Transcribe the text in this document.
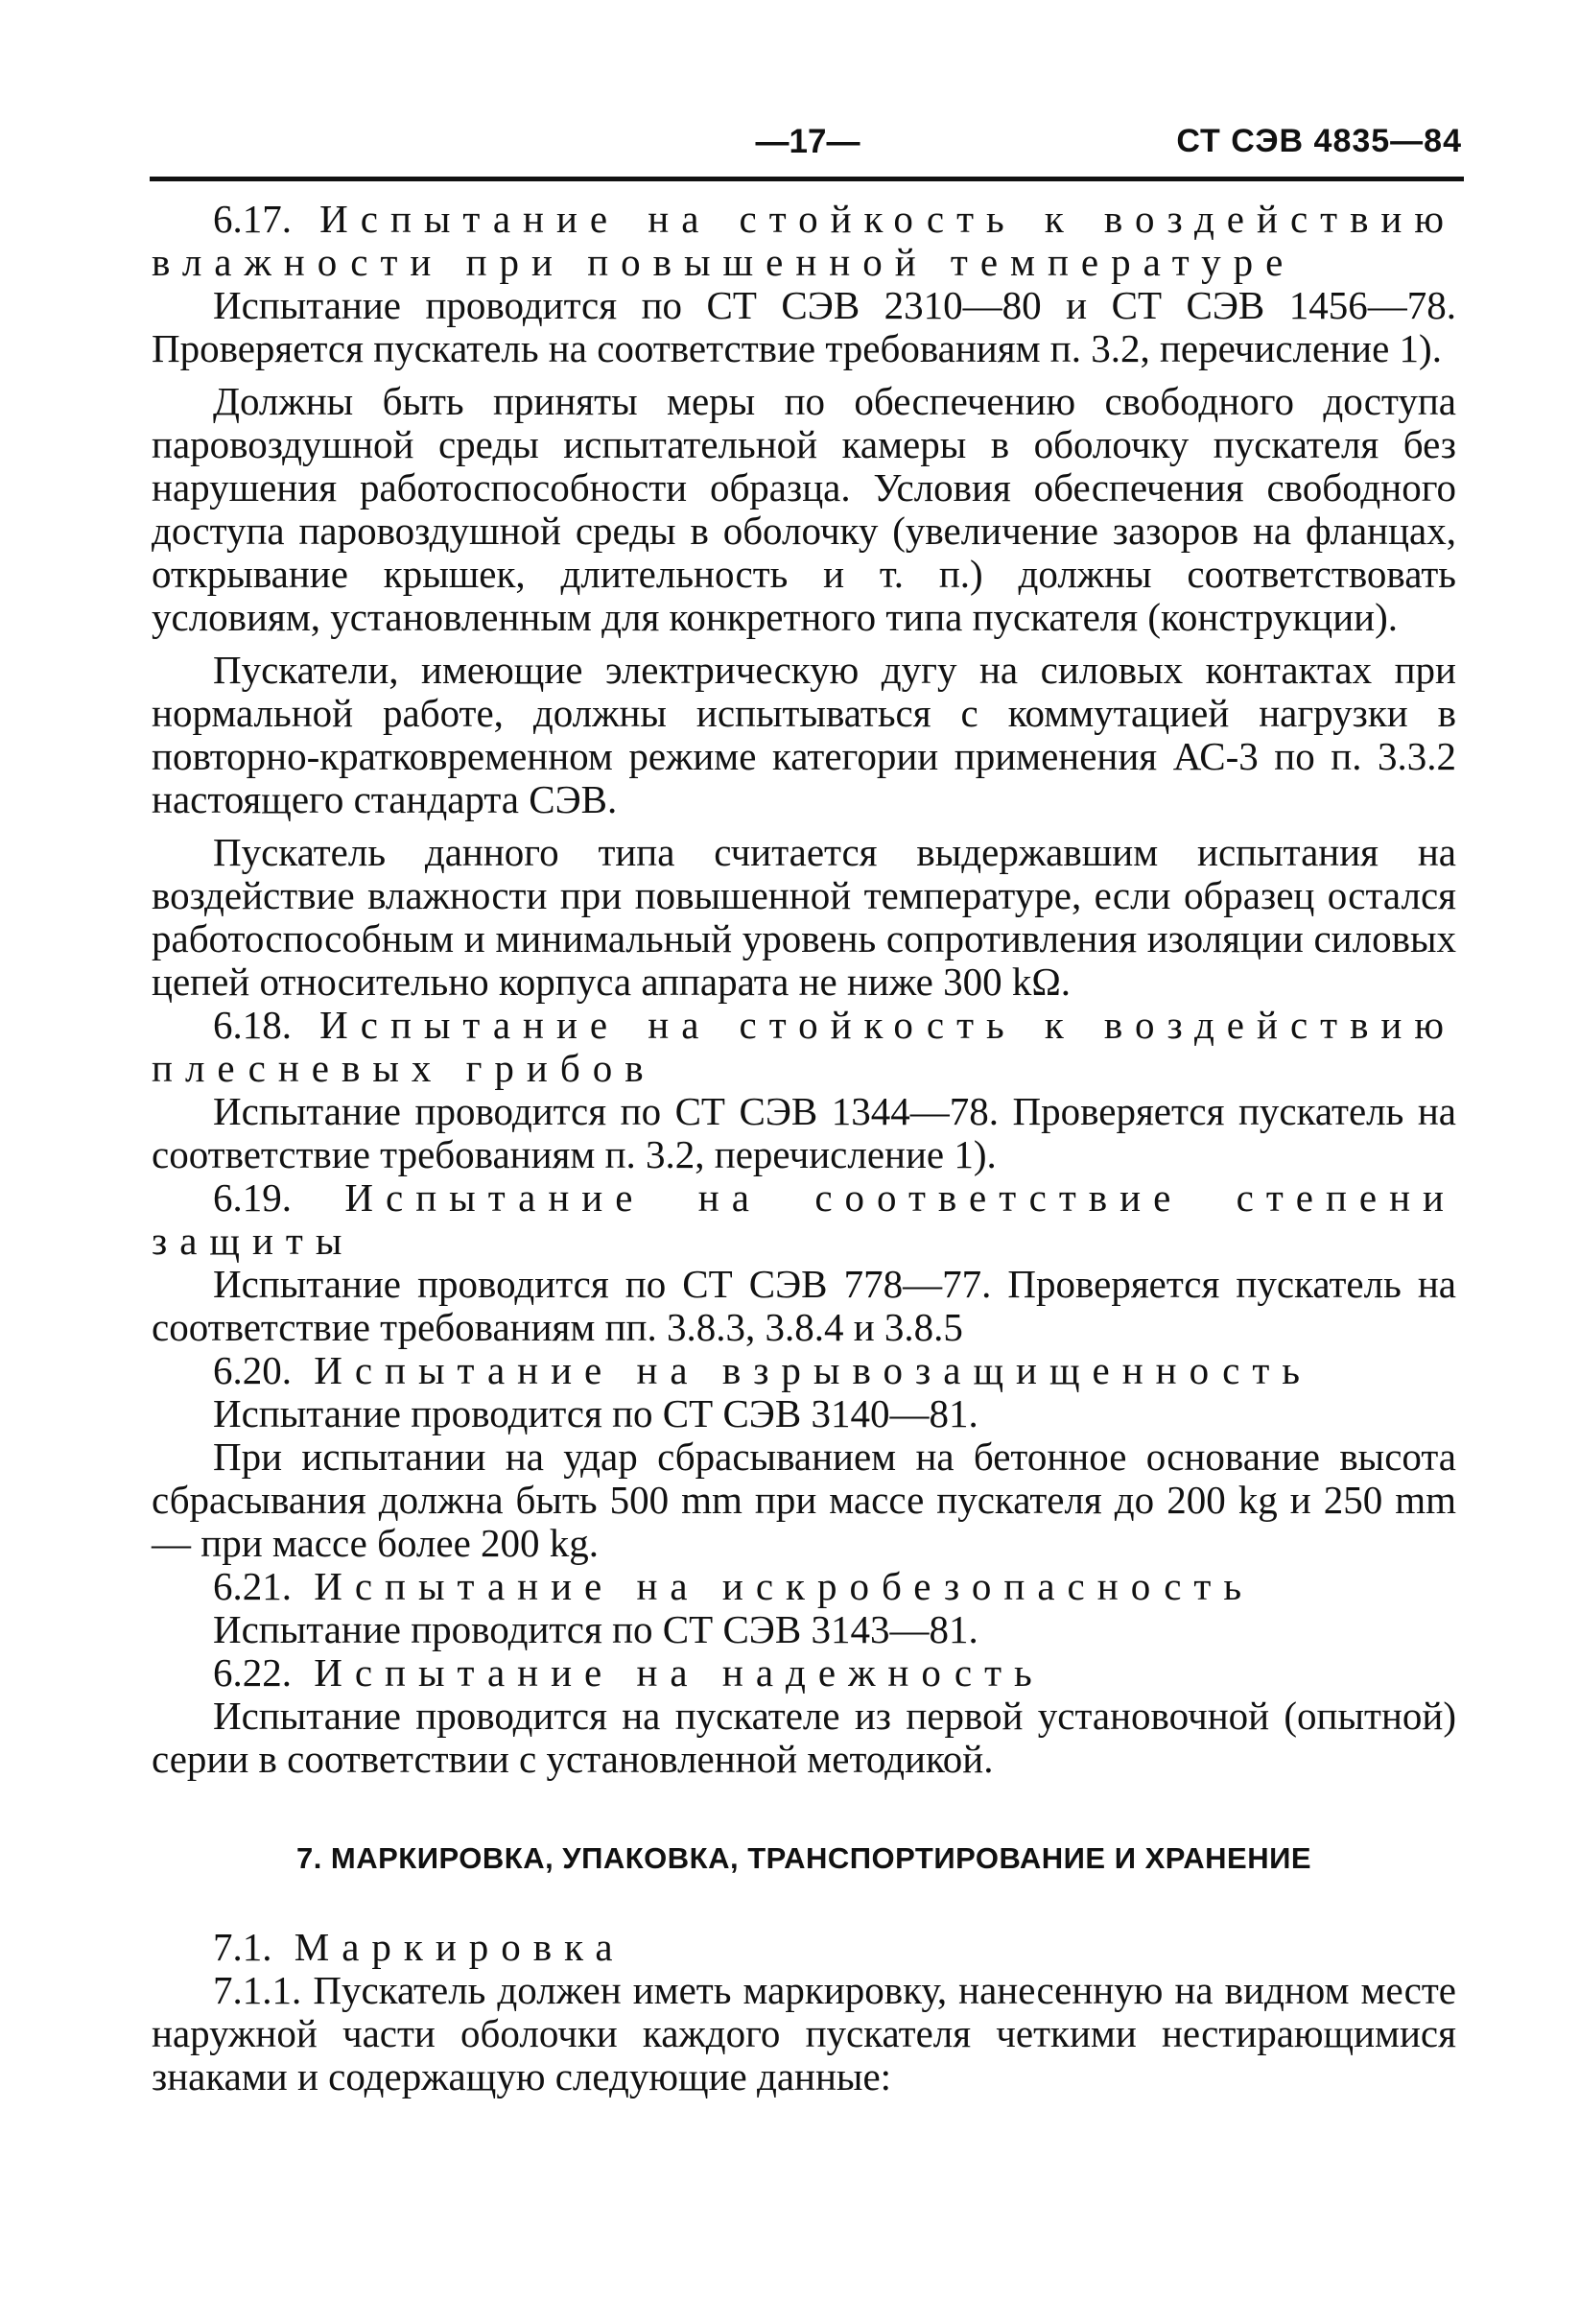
—17—	СТ СЭВ 4835—84

6.17. Испытание на стойкость к воздействию влажности при повышенной температуре

Испытание проводится по СТ СЭВ 2310—80 и СТ СЭВ 1456—78. Проверяется пускатель на соответствие требованиям п. 3.2, перечисление 1).

Должны быть приняты меры по обеспечению свободного доступа паровоздушной среды испытательной камеры в оболочку пускателя без нарушения работоспособности образца. Условия обеспечения свободного доступа паровоздушной среды в оболочку (увеличение зазоров на фланцах, открывание крышек, длительность и т. п.) должны соответствовать условиям, установленным для конкретного типа пускателя (конструкции).

Пускатели, имеющие электрическую дугу на силовых контактах при нормальной работе, должны испытываться с коммутацией нагрузки в повторно-кратковременном режиме категории применения АС-3 по п. 3.3.2 настоящего стандарта СЭВ.

Пускатель данного типа считается выдержавшим испытания на воздействие влажности при повышенной температуре, если образец остался работоспособным и минимальный уровень сопротивления изоляции силовых цепей относительно корпуса аппарата не ниже 300 kΩ.

6.18. Испытание на стойкость к воздействию плесневых грибов

Испытание проводится по СТ СЭВ 1344—78. Проверяется пускатель на соответствие требованиям п. 3.2, перечисление 1).

6.19. Испытание на соответствие степени защиты

Испытание проводится по СТ СЭВ 778—77. Проверяется пускатель на соответствие требованиям пп. 3.8.3, 3.8.4 и 3.8.5

6.20. Испытание на взрывозащищенность

Испытание проводится по СТ СЭВ 3140—81.

При испытании на удар сбрасыванием на бетонное основание высота сбрасывания должна быть 500 mm при массе пускателя до 200 kg и 250 mm — при массе более 200 kg.

6.21. Испытание на искробезопасность

Испытание проводится по СТ СЭВ 3143—81.

6.22. Испытание на надежность

Испытание проводится на пускателе из первой установочной (опытной) серии в соответствии с установленной методикой.

7. МАРКИРОВКА, УПАКОВКА, ТРАНСПОРТИРОВАНИЕ И ХРАНЕНИЕ

7.1. Маркировка

7.1.1. Пускатель должен иметь маркировку, нанесенную на видном месте наружной части оболочки каждого пускателя четкими нестирающимися знаками и содержащую следующие данные:
